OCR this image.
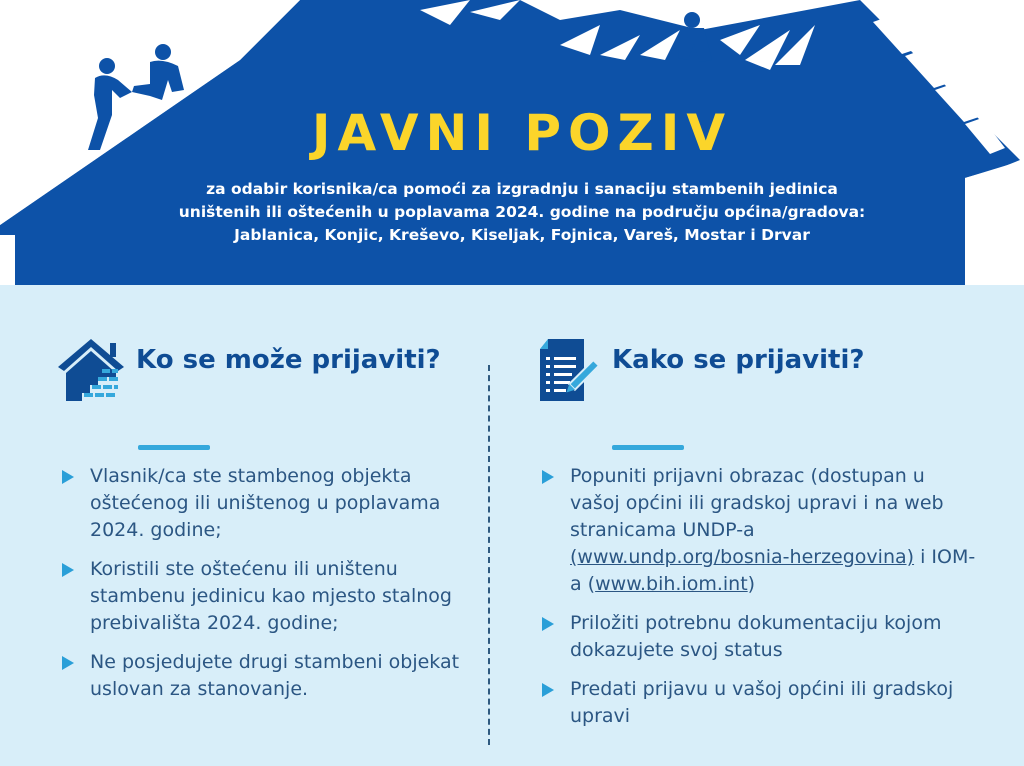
JAVNI POZIV
za odabir korisnika/ca pomoći za izgradnju i sanaciju stambenih jedinica
uništenih ili oštećenih u poplavama 2024. godine na području općina/gradova:
Jablanica, Konjic, Kreševo, Kiseljak, Fojnica, Vareš, Mostar i Drvar
Ko se može prijaviti?
Vlasnik/ca ste stambenog objekta oštećenog ili uništenog u poplavama 2024. godine;
Koristili ste oštećenu ili uništenu stambenu jedinicu kao mjesto stalnog prebivališta 2024. godine;
Ne posjedujete drugi stambeni objekat uslovan za stanovanje.
Kako se prijaviti?
Popuniti prijavni obrazac (dostupan u vašoj općini ili gradskoj upravi i na web stranicama UNDP-a (www.undp.org/bosnia-herzegovina) i IOM-a (www.bih.iom.int)
Priložiti potrebnu dokumentaciju kojom dokazujete svoj status
Predati prijavu u vašoj općini ili gradskoj upravi
